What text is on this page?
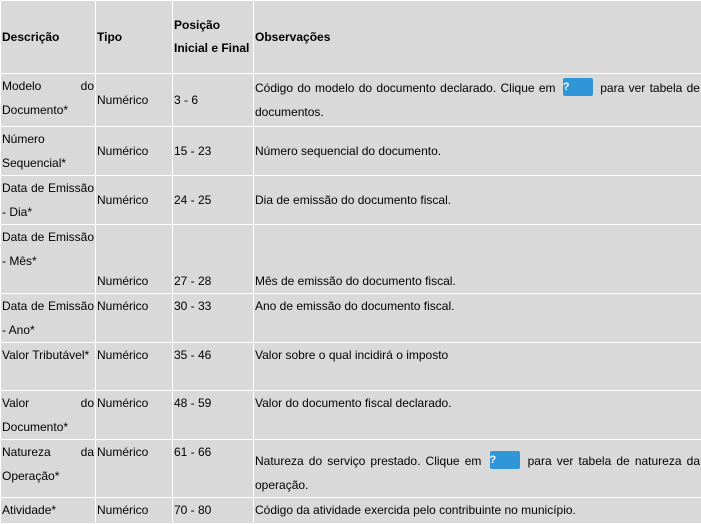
Descrição	Tipo	Posição Inicial e Final	Observações
Modelo do Documento*	Numérico	3 - 6	Código do modelo do documento declarado. Clique em ? para ver tabela de documentos.
Número Sequencial*	Numérico	15 - 23	Número sequencial do documento.
Data de Emissão - Dia*	Numérico	24 - 25	Dia de emissão do documento fiscal.
Data de Emissão - Mês*	Numérico	27 - 28	Mês de emissão do documento fiscal.
Data de Emissão - Ano*	Numérico	30 - 33	Ano de emissão do documento fiscal.
Valor Tributável*	Numérico	35 - 46	Valor sobre o qual incidirá o imposto
Valor do Documento*	Numérico	48 - 59	Valor do documento fiscal declarado.
Natureza da Operação*	Numérico	61 - 66	Natureza do serviço prestado. Clique em ? para ver tabela de natureza da operação.
Atividade*	Numérico	70 - 80	Código da atividade exercida pelo contribuinte no município.
